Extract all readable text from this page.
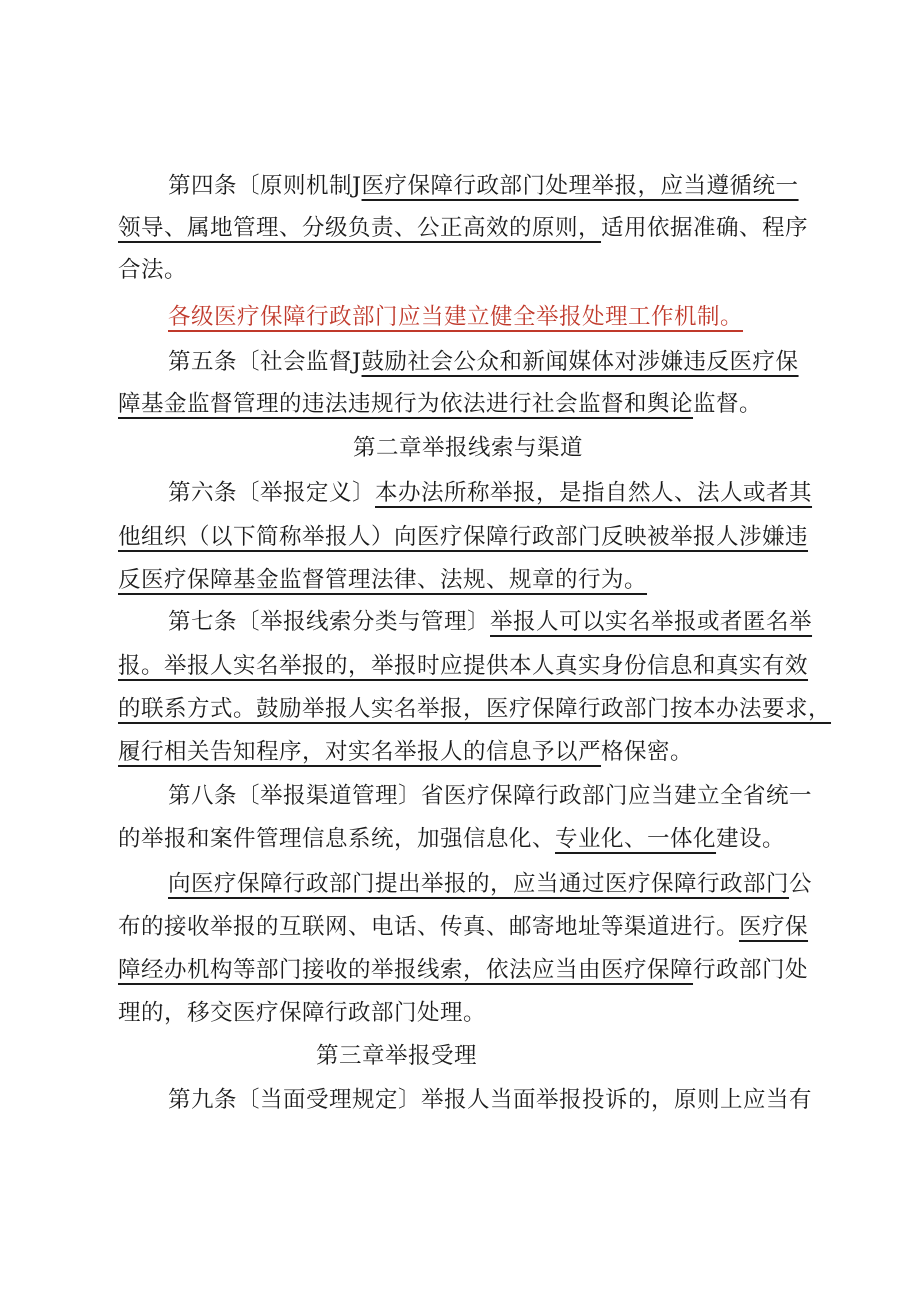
第四条〔原则机制J医疗保障行政部门处理举报，应当遵循统一
领导、属地管理、分级负责、公正高效的原则，适用依据准确、程序
合法。
各级医疗保障行政部门应当建立健全举报处理工作机制。
第五条〔社会监督J鼓励社会公众和新闻媒体对涉嫌违反医疗保
障基金监督管理的违法违规行为依法进行社会监督和舆论监督。
第二章举报线索与渠道
第六条〔举报定义〕本办法所称举报，是指自然人、法人或者其
他组织（以下简称举报人）向医疗保障行政部门反映被举报人涉嫌违
反医疗保障基金监督管理法律、法规、规章的行为。
第七条〔举报线索分类与管理〕举报人可以实名举报或者匿名举
报。举报人实名举报的，举报时应提供本人真实身份信息和真实有效
的联系方式。鼓励举报人实名举报，医疗保障行政部门按本办法要求，
履行相关告知程序，对实名举报人的信息予以严格保密。
第八条〔举报渠道管理〕省医疗保障行政部门应当建立全省统一
的举报和案件管理信息系统，加强信息化、专业化、一体化建设。
向医疗保障行政部门提出举报的，应当通过医疗保障行政部门公
布的接收举报的互联网、电话、传真、邮寄地址等渠道进行。医疗保
障经办机构等部门接收的举报线索，依法应当由医疗保障行政部门处
理的，移交医疗保障行政部门处理。
第三章举报受理
第九条〔当面受理规定〕举报人当面举报投诉的，原则上应当有
